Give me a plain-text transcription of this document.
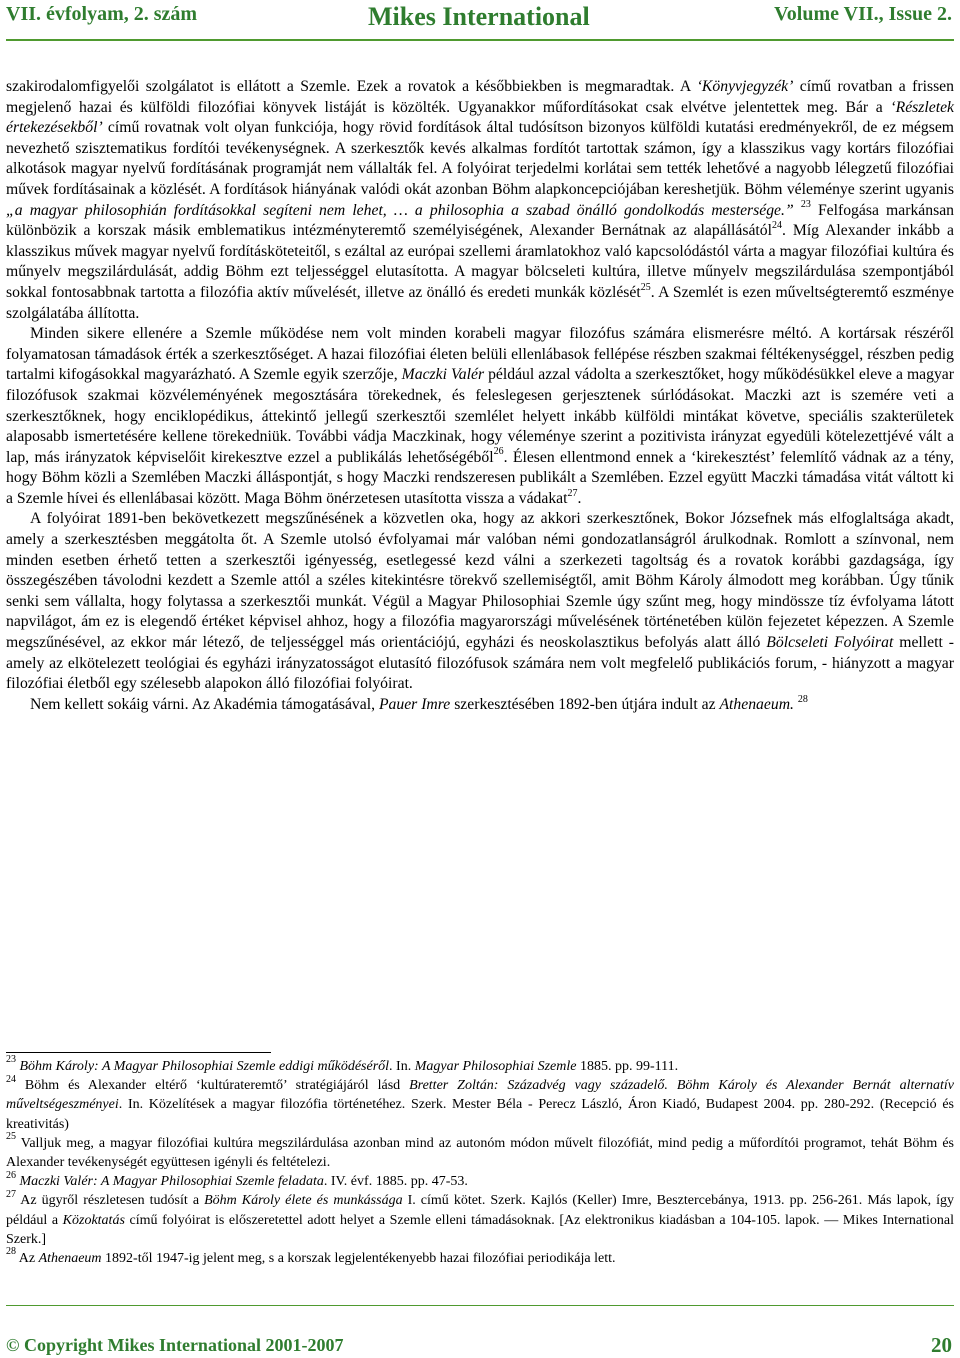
VII. évfolyam, 2. szám	Mikes International	Volume VII., Issue 2.

szakirodalomfigyelői szolgálatot is ellátott a Szemle. Ezek a rovatok a későbbiekben is megmaradtak. A ‘Könyvjegyzék’ című rovatban a frissen megjelenő hazai és külföldi filozófiai könyvek listáját is közölték. Ugyanakkor műfordításokat csak elvétve jelentettek meg. Bár a ‘Részletek értekezésekből’ című rovatnak volt olyan funkciója, hogy rövid fordítások által tudósítson bizonyos külföldi kutatási eredményekről, de ez mégsem nevezhető szisztematikus fordítói tevékenységnek. A szerkesztők kevés alkalmas fordítót tartottak számon, így a klasszikus vagy kortárs filozófiai alkotások magyar nyelvű fordításának programját nem vállalták fel. A folyóirat terjedelmi korlátai sem tették lehetővé a nagyobb lélegzetű filozófiai művek fordításainak a közlését. A fordítások hiányának valódi okát azonban Böhm alapkoncepciójában kereshetjük. Böhm véleménye szerint ugyanis „a magyar philosophián fordításokkal segíteni nem lehet, … a philosophia a szabad önálló gondolkodás mestersége.” $^{23}$ Felfogása markánsan különbözik a korszak másik emblematikus intézményteremtő személyiségének, Alexander Bernátnak az alapállásától$^{24}$. Míg Alexander inkább a klasszikus művek magyar nyelvű fordításköteteitől, s ezáltal az európai szellemi áramlatokhoz való kapcsolódástól várta a magyar filozófiai kultúra és műnyelv megszilárdulását, addig Böhm ezt teljességgel elutasította. A magyar bölcseleti kultúra, illetve műnyelv megszilárdulása szempontjából sokkal fontosabbnak tartotta a filozófia aktív művelését, illetve az önálló és eredeti munkák közlését$^{25}$. A Szemlét is ezen műveltségteremtő eszménye szolgálatába állította.

Minden sikere ellenére a Szemle működése nem volt minden korabeli magyar filozófus számára elismerésre méltó. A kortársak részéről folyamatosan támadások érték a szerkesztőséget. A hazai filozófiai életen belüli ellenlábasok fellépése részben szakmai féltékenységgel, részben pedig tartalmi kifogásokkal magyarázható. A Szemle egyik szerzője, Maczki Valér például azzal vádolta a szerkesztőket, hogy működésükkel eleve a magyar filozófusok szakmai közvéleményének megosztására törekednek, és feleslegesen gerjesztenek súrlódásokat. Maczki azt is szemére veti a szerkesztőknek, hogy enciklopédikus, áttekintő jellegű szerkesztői szemlélet helyett inkább külföldi mintákat követve, speciális szakterületek alaposabb ismertetésére kellene törekedniük. További vádja Maczkinak, hogy véleménye szerint a pozitivista irányzat egyedüli kötelezettjévé vált a lap, más irányzatok képviselőit kirekesztve ezzel a publikálás lehetőségéből$^{26}$. Élesen ellentmond ennek a ‘kirekesztést’ felemlítő vádnak az a tény, hogy Böhm közli a Szemlében Maczki álláspontját, s hogy Maczki rendszeresen publikált a Szemlében. Ezzel együtt Maczki támadása vitát váltott ki a Szemle hívei és ellenlábasai között. Maga Böhm önérzetesen utasította vissza a vádakat$^{27}$.

A folyóirat 1891-ben bekövetkezett megszűnésének a közvetlen oka, hogy az akkori szerkesztőnek, Bokor Józsefnek más elfoglaltsága akadt, amely a szerkesztésben meggátolta őt. A Szemle utolsó évfolyamai már valóban némi gondozatlanságról árulkodnak. Romlott a színvonal, nem minden esetben érhető tetten a szerkesztői igényesség, esetlegessé kezd válni a szerkezeti tagoltság és a rovatok korábbi gazdagsága, így összegészében távolodni kezdett a Szemle attól a széles kitekintésre törekvő szellemiségtől, amit Böhm Károly álmodott meg korábban. Úgy tűnik senki sem vállalta, hogy folytassa a szerkesztői munkát. Végül a Magyar Philosophiai Szemle úgy szűnt meg, hogy mindössze tíz évfolyama látott napvilágot, ám ez is elegendő értéket képvisel ahhoz, hogy a filozófia magyarországi művelésének történetében külön fejezetet képezzen. A Szemle megszűnésével, az ekkor már létező, de teljességgel más orientációjú, egyházi és neoskolasztikus befolyás alatt álló Bölcseleti Folyóirat mellett - amely az elkötelezett teológiai és egyházi irányzatosságot elutasító filozófusok számára nem volt megfelelő publikációs forum, - hiányzott a magyar filozófiai életből egy szélesebb alapokon álló filozófiai folyóirat.

Nem kellett sokáig várni. Az Akadémia támogatásával, Pauer Imre szerkesztésében 1892-ben útjára indult az Athenaeum. $^{28}$

$^{23}$ Böhm Károly: A Magyar Philosophiai Szemle eddigi működéséről. In. Magyar Philosophiai Szemle 1885. pp. 99-111.

$^{24}$ Böhm és Alexander eltérő ‘kultúrateremtő’ stratégiájáról lásd Bretter Zoltán: Századvég vagy századelő. Böhm Károly és Alexander Bernát alternatív műveltségeszményei. In. Közelítések a magyar filozófia történetéhez. Szerk. Mester Béla - Perecz László, Áron Kiadó, Budapest 2004. pp. 280-292. (Recepció és kreativitás)

$^{25}$ Valljuk meg, a magyar filozófiai kultúra megszilárdulása azonban mind az autonóm módon művelt filozófiát, mind pedig a műfordítói programot, tehát Böhm és Alexander tevékenységét együttesen igényli és feltételezi.

$^{26}$ Maczki Valér: A Magyar Philosophiai Szemle feladata. IV. évf. 1885. pp. 47-53.

$^{27}$ Az ügyről részletesen tudósít a Böhm Károly élete és munkássága I. című kötet. Szerk. Kajlós (Keller) Imre, Besztercebánya, 1913. pp. 256-261. Más lapok, így például a Közoktatás című folyóirat is előszeretettel adott helyet a Szemle elleni támadásoknak. [Az elektronikus kiadásban a 104-105. lapok. ― Mikes International Szerk.]

$^{28}$ Az Athenaeum 1892-től 1947-ig jelent meg, s a korszak legjelentékenyebb hazai filozófiai periodikája lett.

© Copyright Mikes International 2001-2007	20
